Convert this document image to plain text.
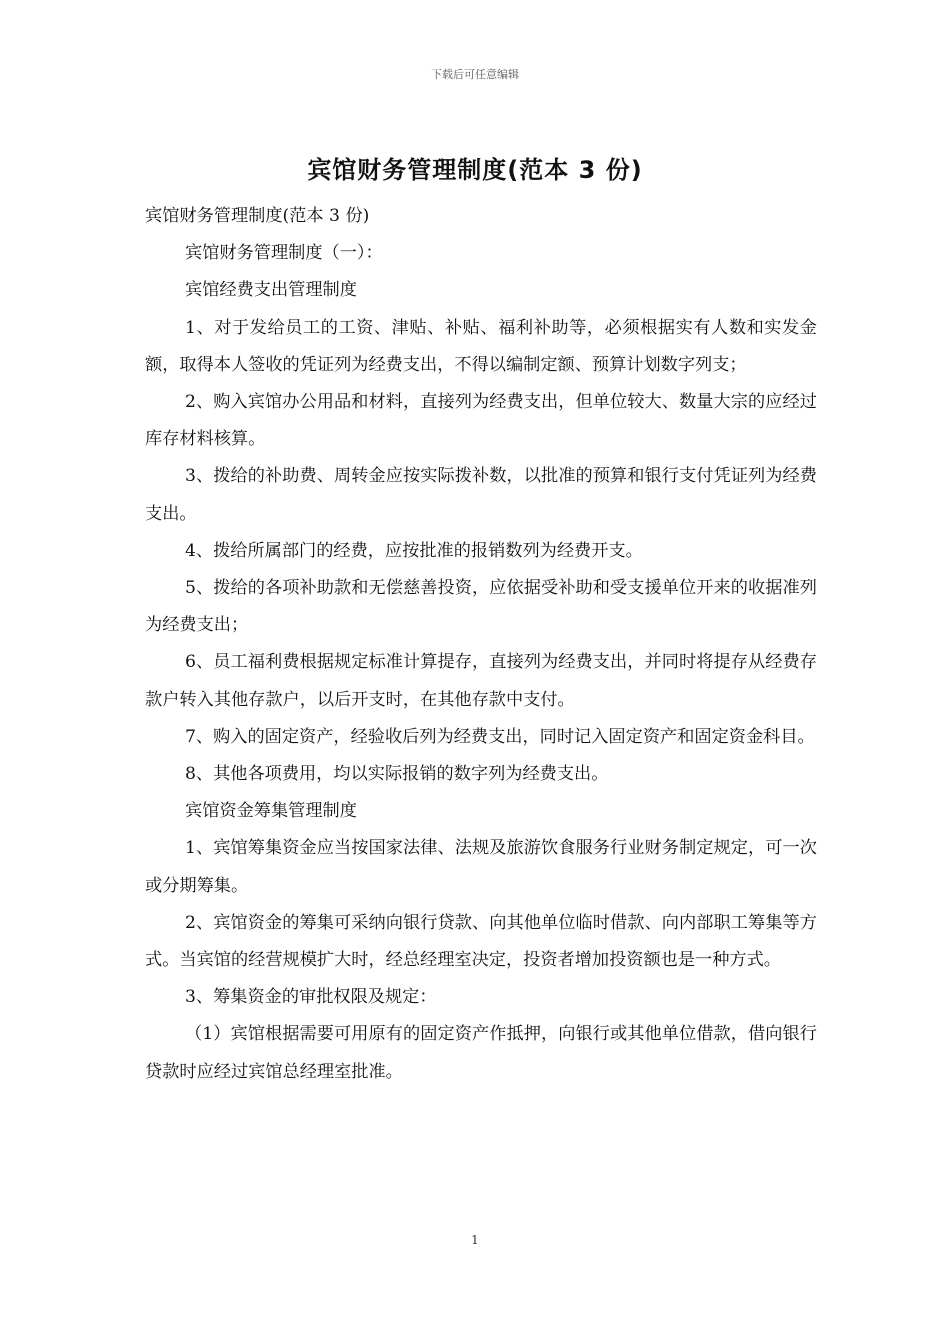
下载后可任意编辑
宾馆财务管理制度(范本 3 份)

宾馆财务管理制度(范本 3 份)

宾馆财务管理制度（一）：

宾馆经费支出管理制度

1、对于发给员工的工资、津贴、补贴、福利补助等，必须根据实有人数和实发金额，取得本人签收的凭证列为经费支出，不得以编制定额、预算计划数字列支；

2、购入宾馆办公用品和材料，直接列为经费支出，但单位较大、数量大宗的应经过库存材料核算。

3、拨给的补助费、周转金应按实际拨补数，以批准的预算和银行支付凭证列为经费支出。

4、拨给所属部门的经费，应按批准的报销数列为经费开支。

5、拨给的各项补助款和无偿慈善投资，应依据受补助和受支援单位开来的收据准列为经费支出；

6、员工福利费根据规定标准计算提存，直接列为经费支出，并同时将提存从经费存款户转入其他存款户，以后开支时，在其他存款中支付。

7、购入的固定资产，经验收后列为经费支出，同时记入固定资产和固定资金科目。

8、其他各项费用，均以实际报销的数字列为经费支出。

宾馆资金筹集管理制度

1、宾馆筹集资金应当按国家法律、法规及旅游饮食服务行业财务制定规定，可一次或分期筹集。

2、宾馆资金的筹集可采纳向银行贷款、向其他单位临时借款、向内部职工筹集等方式。当宾馆的经营规模扩大时，经总经理室决定，投资者增加投资额也是一种方式。

3、筹集资金的审批权限及规定：

（1）宾馆根据需要可用原有的固定资产作抵押，向银行或其他单位借款，借向银行贷款时应经过宾馆总经理室批准。

1
